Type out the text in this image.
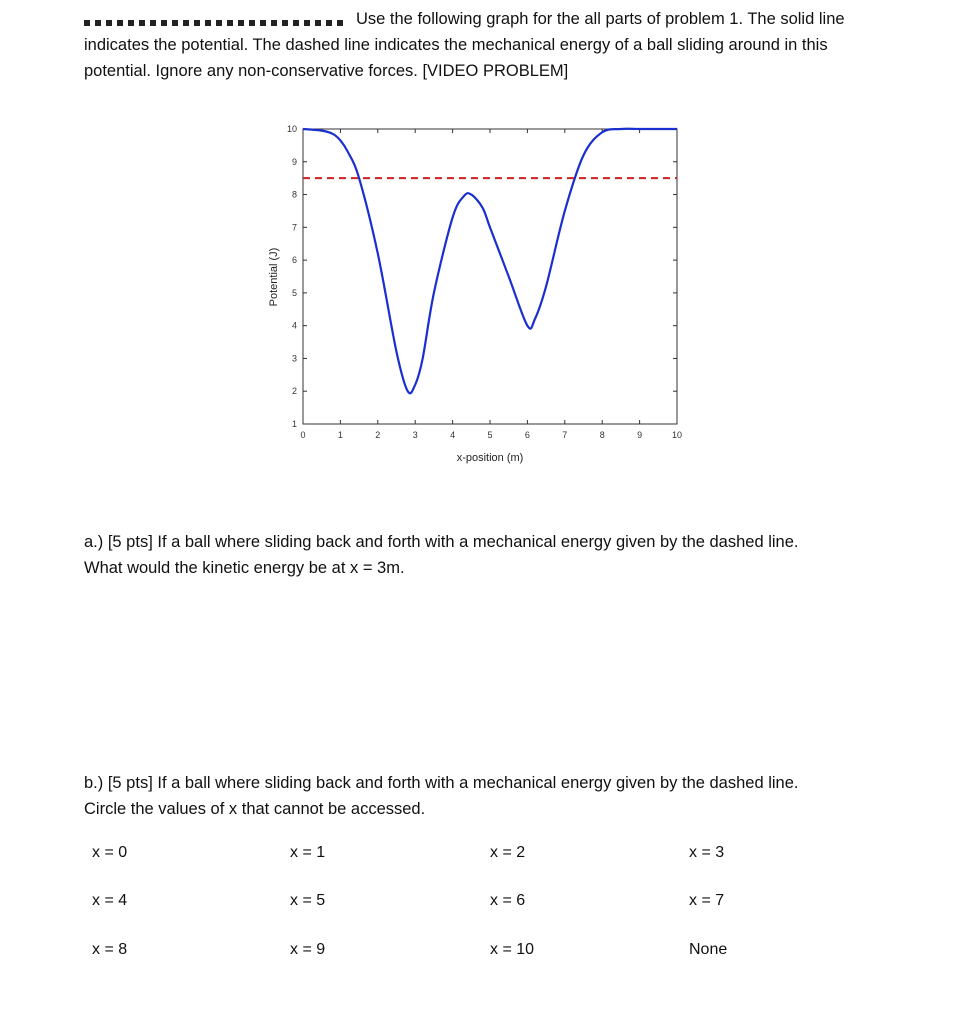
Use the following graph for the all parts of problem 1. The solid line
indicates the potential. The dashed line indicates the mechanical energy of a ball sliding around in this
potential. Ignore any non-conservative forces. [VIDEO PROBLEM]
0	1	2	3	4	5	6	7	8	9	10
1
2
3
4
5
6
7
8
9
10
x-position (m)
Potential (J)
a.) [5 pts] If a ball where sliding back and forth with a mechanical energy given by the dashed line.
What would the kinetic energy be at x = 3m.
b.) [5 pts] If a ball where sliding back and forth with a mechanical energy given by the dashed line.
Circle the values of x that cannot be accessed.
x = 0	x = 1	x = 2	x = 3
x = 4	x = 5	x = 6	x = 7
x = 8	x = 9	x = 10	None
